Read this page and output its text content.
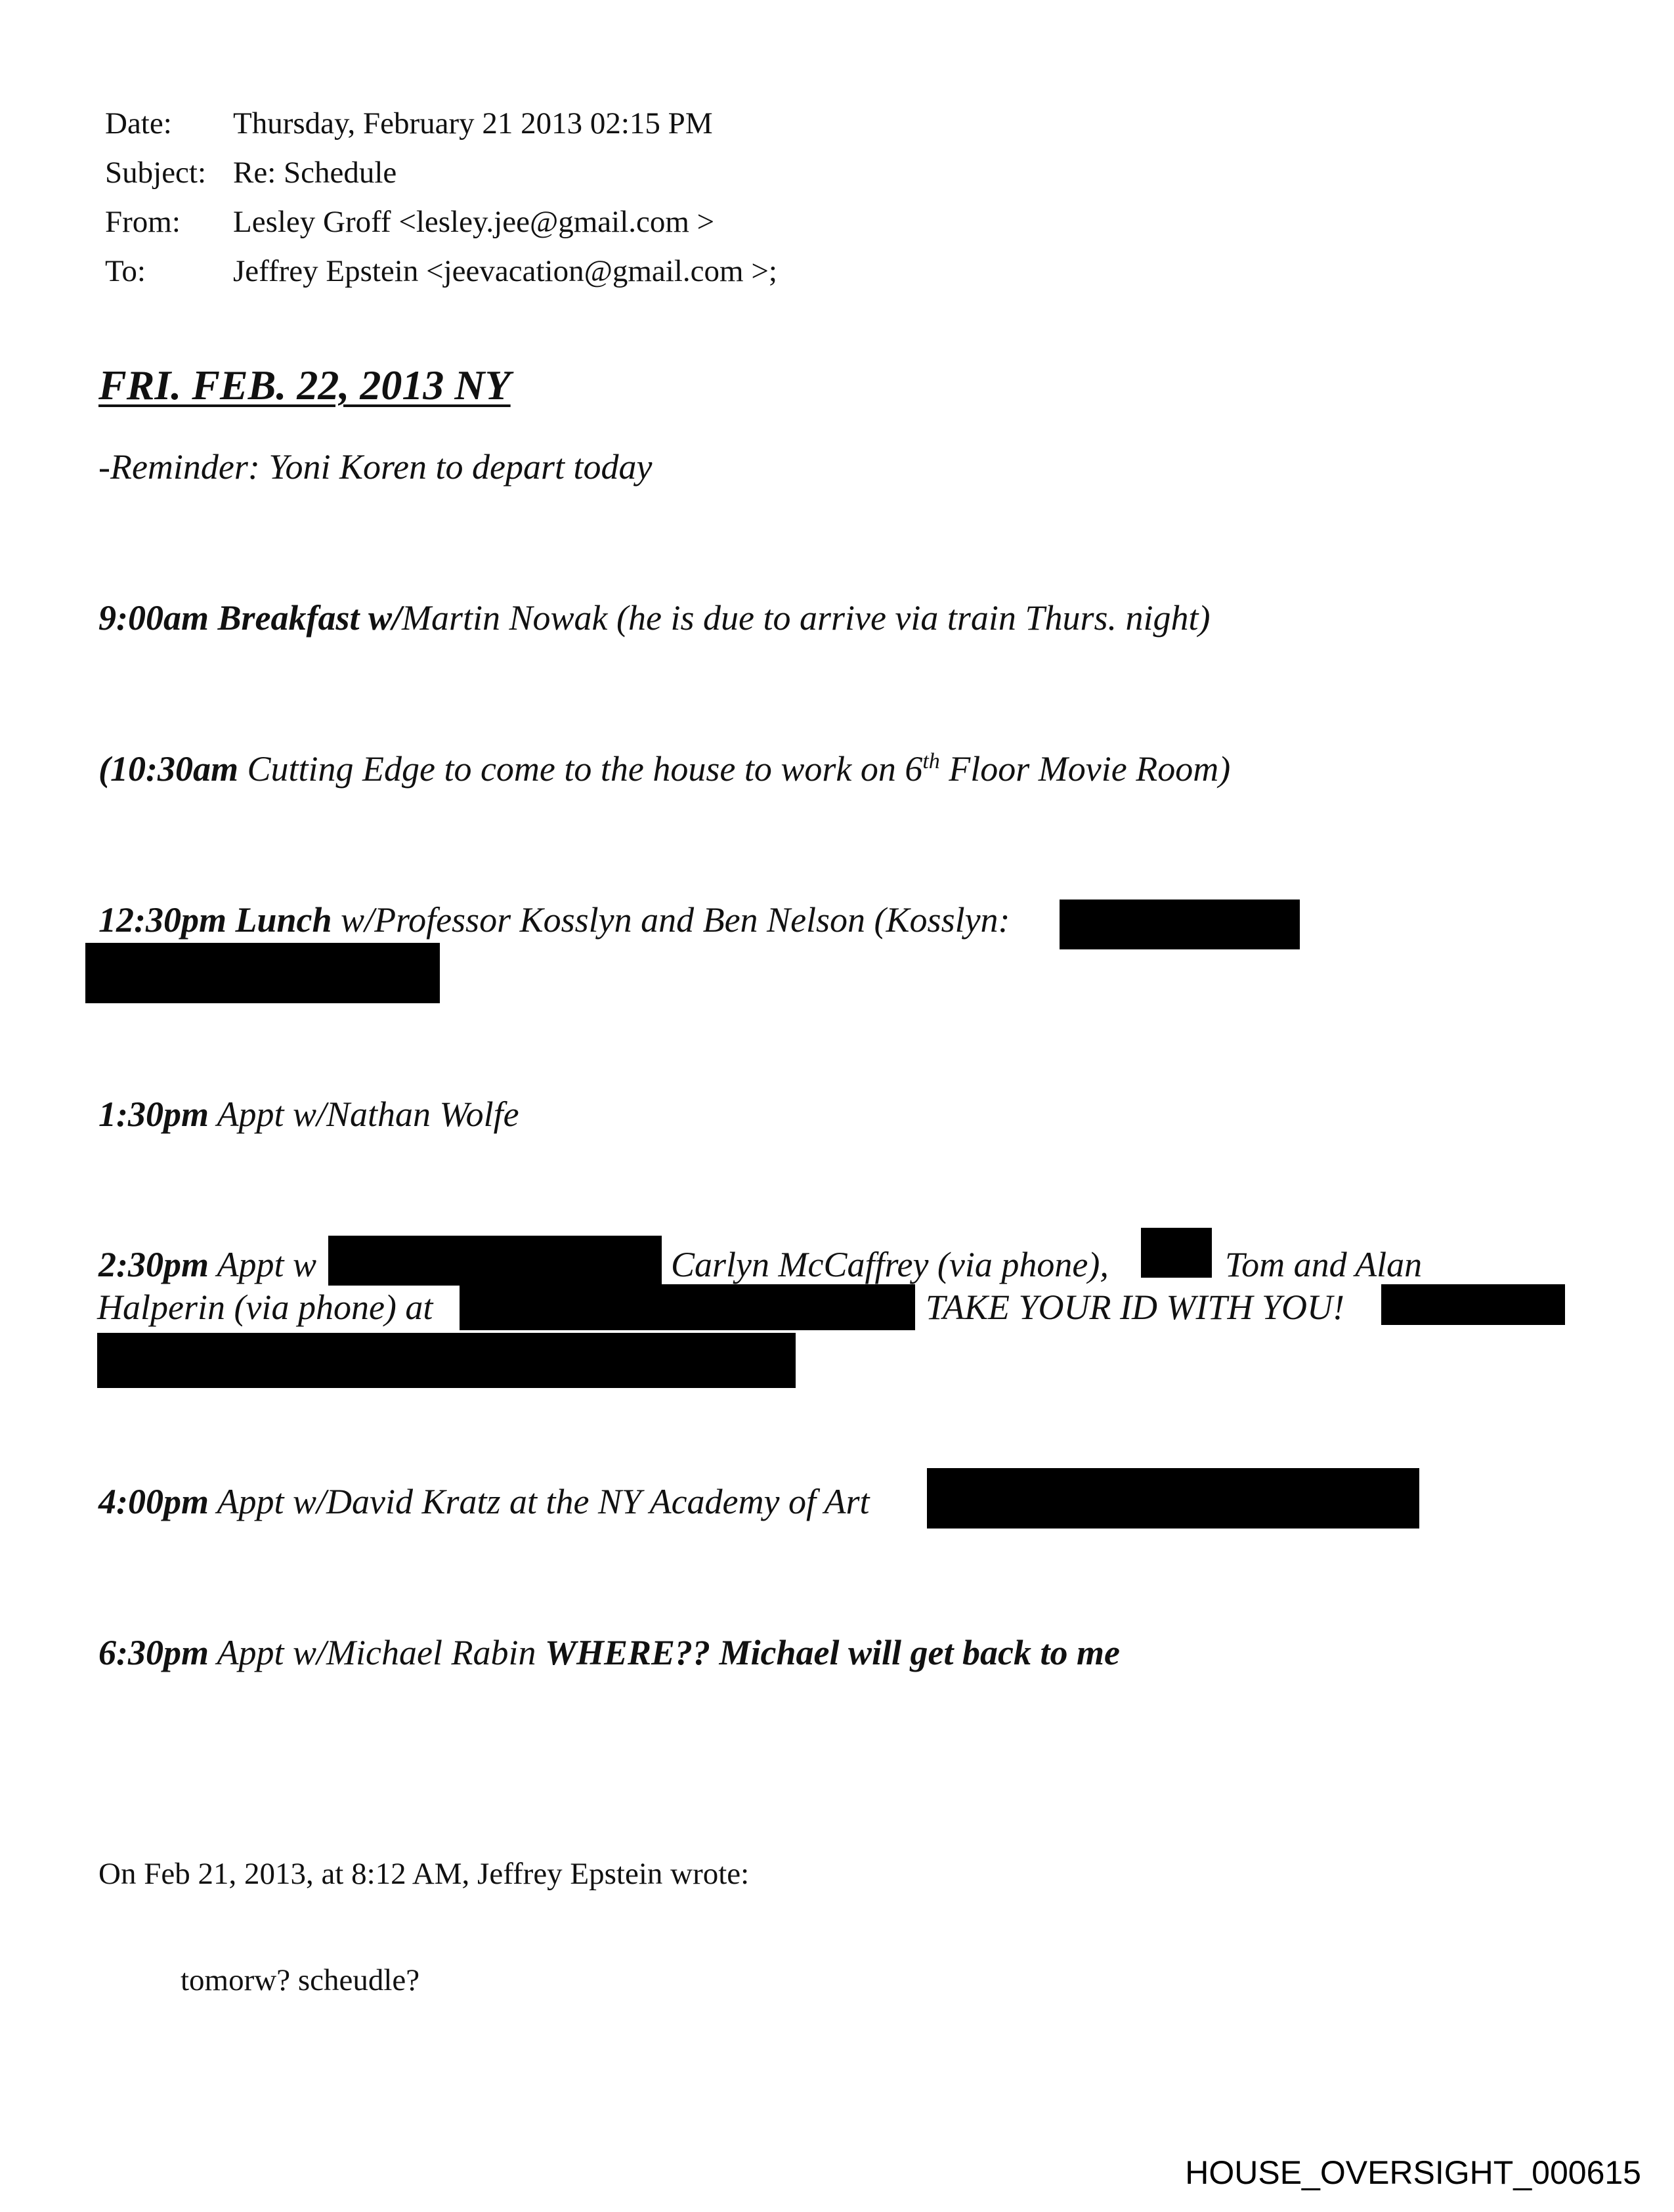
Date: Thursday, February 21 2013 02:15 PM
Subject: Re: Schedule
From: Lesley Groff <lesley.jee@gmail.com >
To:	Jeffrey Epstein <jeevacation@gmail.com >;
FRI. FEB. 22, 2013 NY
-Reminder: Yoni Koren to depart today
9:00am Breakfast w/Martin Nowak (he is due to arrive via train Thurs. night)
(10:30am Cutting Edge to come to the house to work on 6th Floor Movie Room)
12:30pm Lunch w/Professor Kosslyn and Ben Nelson (Kosslyn:
1:30pm Appt w/Nathan Wolfe
2:30pm Appt w	Carlyn McCaffrey (via phone),	Tom and Alan
Halperin (via phone) at	TAKE YOUR ID WITH YOU!
4:00pm Appt w/David Kratz at the NY Academy of Art
6:30pm Appt w/Michael Rabin WHERE?? Michael will get back to me
On Feb 21, 2013, at 8:12 AM, Jeffrey Epstein wrote:
tomorw? scheudle?
HOUSE_OVERSIGHT_000615
